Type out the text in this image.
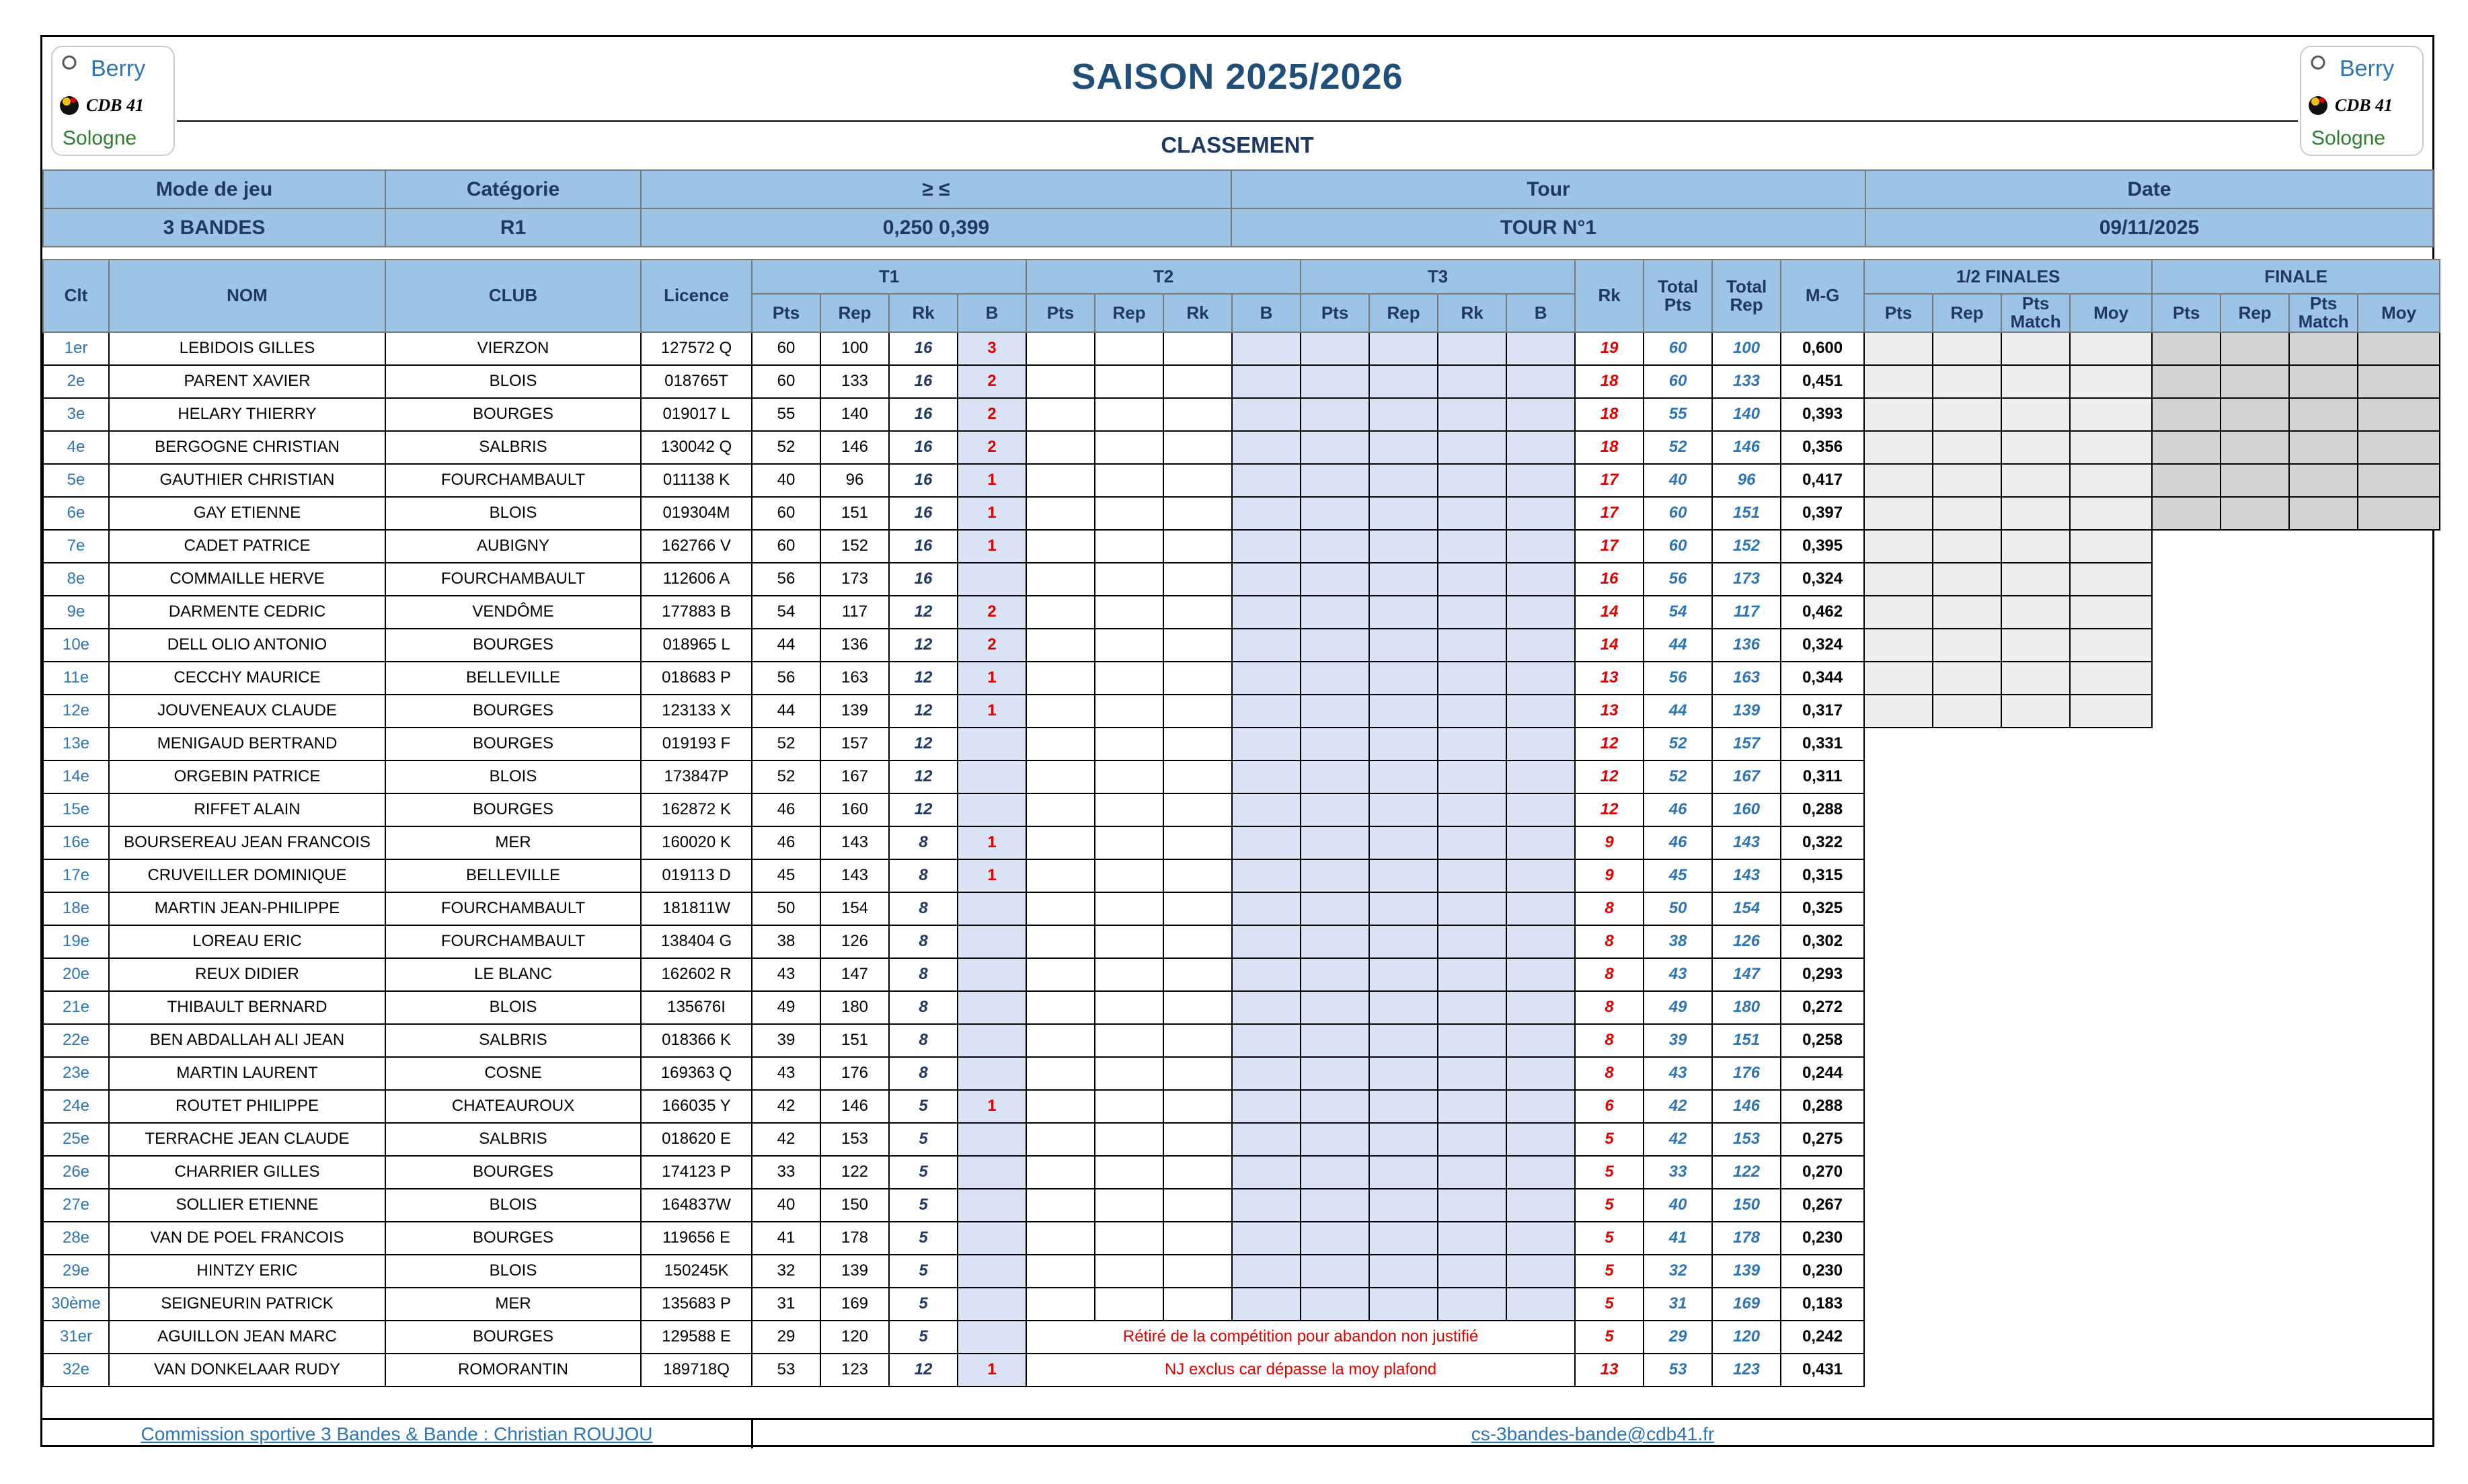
Berry
CDB 41
Sologne
Berry
CDB 41
Sologne
SAISON 2025/2026
CLASSEMENT
Mode de jeu	Catégorie	≥ ≤	Tour	Date
3 BANDES	R1	0,250 0,399	TOUR N°1	09/11/2025
Clt	NOM	CLUB	Licence	T1				T2				T3				Rk	Total Pts	Total Rep	M-G	1/2 FINALES				FINALE			
				Pts	Rep	Rk	B	Pts	Rep	Rk	B	Pts	Rep	Rk	B					Pts	Rep	Pts Match	Moy	Pts	Rep	Pts Match	Moy
1er	LEBIDOIS GILLES	VIERZON	127572 Q	60	100	16	3									19	60	100	0,600								
2e	PARENT XAVIER	BLOIS	018765T	60	133	16	2									18	60	133	0,451								
3e	HELARY THIERRY	BOURGES	019017 L	55	140	16	2									18	55	140	0,393								
4e	BERGOGNE CHRISTIAN	SALBRIS	130042 Q	52	146	16	2									18	52	146	0,356								
5e	GAUTHIER CHRISTIAN	FOURCHAMBAULT	011138 K	40	96	16	1									17	40	96	0,417								
6e	GAY ETIENNE	BLOIS	019304M	60	151	16	1									17	60	151	0,397								
7e	CADET PATRICE	AUBIGNY	162766 V	60	152	16	1									17	60	152	0,395								
8e	COMMAILLE HERVE	FOURCHAMBAULT	112606 A	56	173	16										16	56	173	0,324								
9e	DARMENTE CEDRIC	VENDÔME	177883 B	54	117	12	2									14	54	117	0,462								
10e	DELL OLIO ANTONIO	BOURGES	018965 L	44	136	12	2									14	44	136	0,324								
11e	CECCHY MAURICE	BELLEVILLE	018683 P	56	163	12	1									13	56	163	0,344								
12e	JOUVENEAUX CLAUDE	BOURGES	123133 X	44	139	12	1									13	44	139	0,317								
13e	MENIGAUD BERTRAND	BOURGES	019193 F	52	157	12										12	52	157	0,331								
14e	ORGEBIN PATRICE	BLOIS	173847P	52	167	12										12	52	167	0,311								
15e	RIFFET ALAIN	BOURGES	162872 K	46	160	12										12	46	160	0,288								
16e	BOURSEREAU JEAN FRANCOIS	MER	160020 K	46	143	8	1									9	46	143	0,322								
17e	CRUVEILLER DOMINIQUE	BELLEVILLE	019113 D	45	143	8	1									9	45	143	0,315								
18e	MARTIN JEAN-PHILIPPE	FOURCHAMBAULT	181811W	50	154	8										8	50	154	0,325								
19e	LOREAU ERIC	FOURCHAMBAULT	138404 G	38	126	8										8	38	126	0,302								
20e	REUX DIDIER	LE BLANC	162602 R	43	147	8										8	43	147	0,293								
21e	THIBAULT BERNARD	BLOIS	135676I	49	180	8										8	49	180	0,272								
22e	BEN ABDALLAH ALI JEAN	SALBRIS	018366 K	39	151	8										8	39	151	0,258								
23e	MARTIN LAURENT	COSNE	169363 Q	43	176	8										8	43	176	0,244								
24e	ROUTET PHILIPPE	CHATEAUROUX	166035 Y	42	146	5	1									6	42	146	0,288								
25e	TERRACHE JEAN CLAUDE	SALBRIS	018620 E	42	153	5										5	42	153	0,275								
26e	CHARRIER GILLES	BOURGES	174123 P	33	122	5										5	33	122	0,270								
27e	SOLLIER ETIENNE	BLOIS	164837W	40	150	5										5	40	150	0,267								
28e	VAN DE POEL FRANCOIS	BOURGES	119656 E	41	178	5										5	41	178	0,230								
29e	HINTZY ERIC	BLOIS	150245K	32	139	5										5	32	139	0,230								
30ème	SEIGNEURIN PATRICK	MER	135683 P	31	169	5										5	31	169	0,183								
31er	AGUILLON JEAN MARC	BOURGES	129588 E	29	120	5		Rétiré de la compétition pour abandon non justifié								5	29	120	0,242								
32e	VAN DONKELAAR RUDY	ROMORANTIN	189718Q	53	123	12	1	NJ exclus car dépasse la moy plafond								13	53	123	0,431								
Commission sportive 3 Bandes & Bande : Christian ROUJOU	cs-3bandes-bande@cdb41.fr
